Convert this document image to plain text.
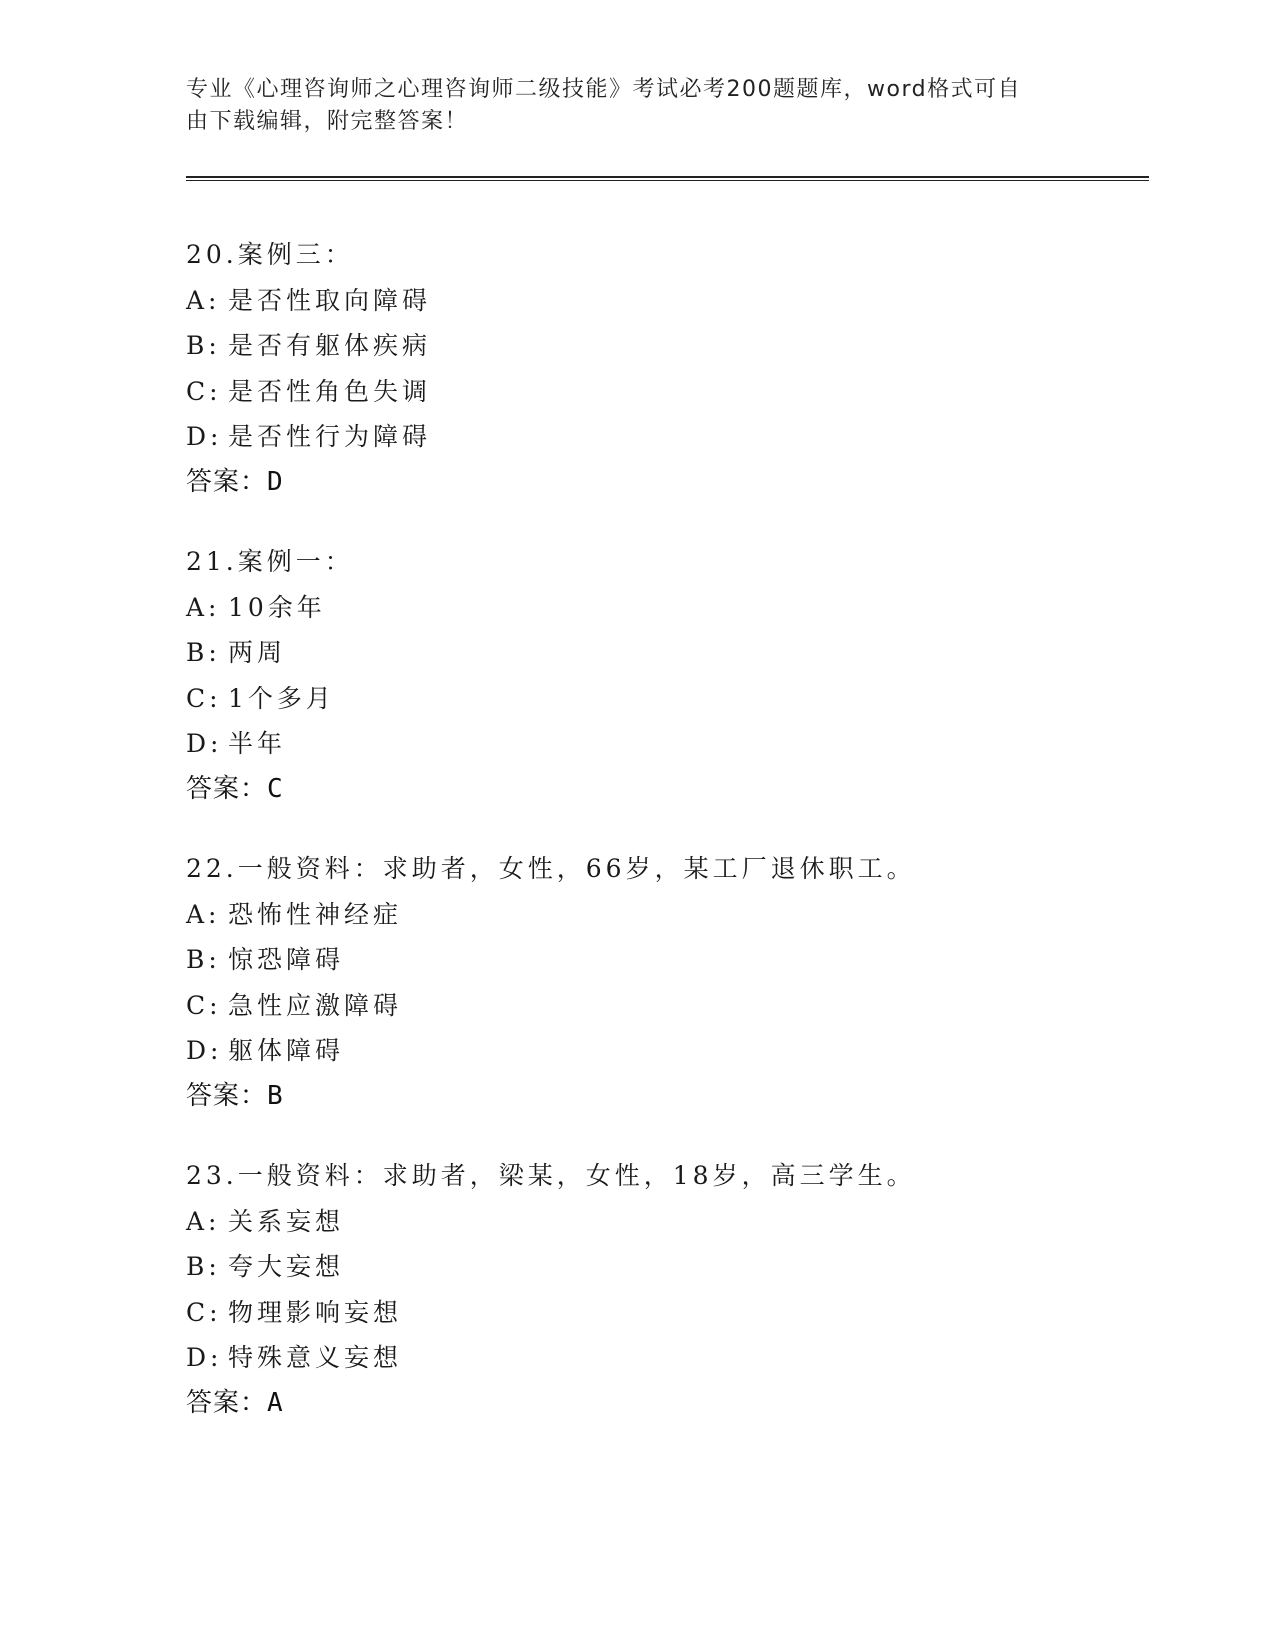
专业《心理咨询师之心理咨询师二级技能》考试必考200题题库，word格式可自
由下载编辑，附完整答案！
20.案例三：
A: 是否性取向障碍
B: 是否有躯体疾病
C: 是否性角色失调
D: 是否性行为障碍
答案：D
21.案例一：
A: 10余年
B: 两周
C: 1个多月
D: 半年
答案：C
22.一般资料：求助者，女性，66岁，某工厂退休职工。
A: 恐怖性神经症
B: 惊恐障碍
C: 急性应激障碍
D: 躯体障碍
答案：B
23.一般资料：求助者，梁某，女性，18岁，高三学生。
A: 关系妄想
B: 夸大妄想
C: 物理影响妄想
D: 特殊意义妄想
答案：A
